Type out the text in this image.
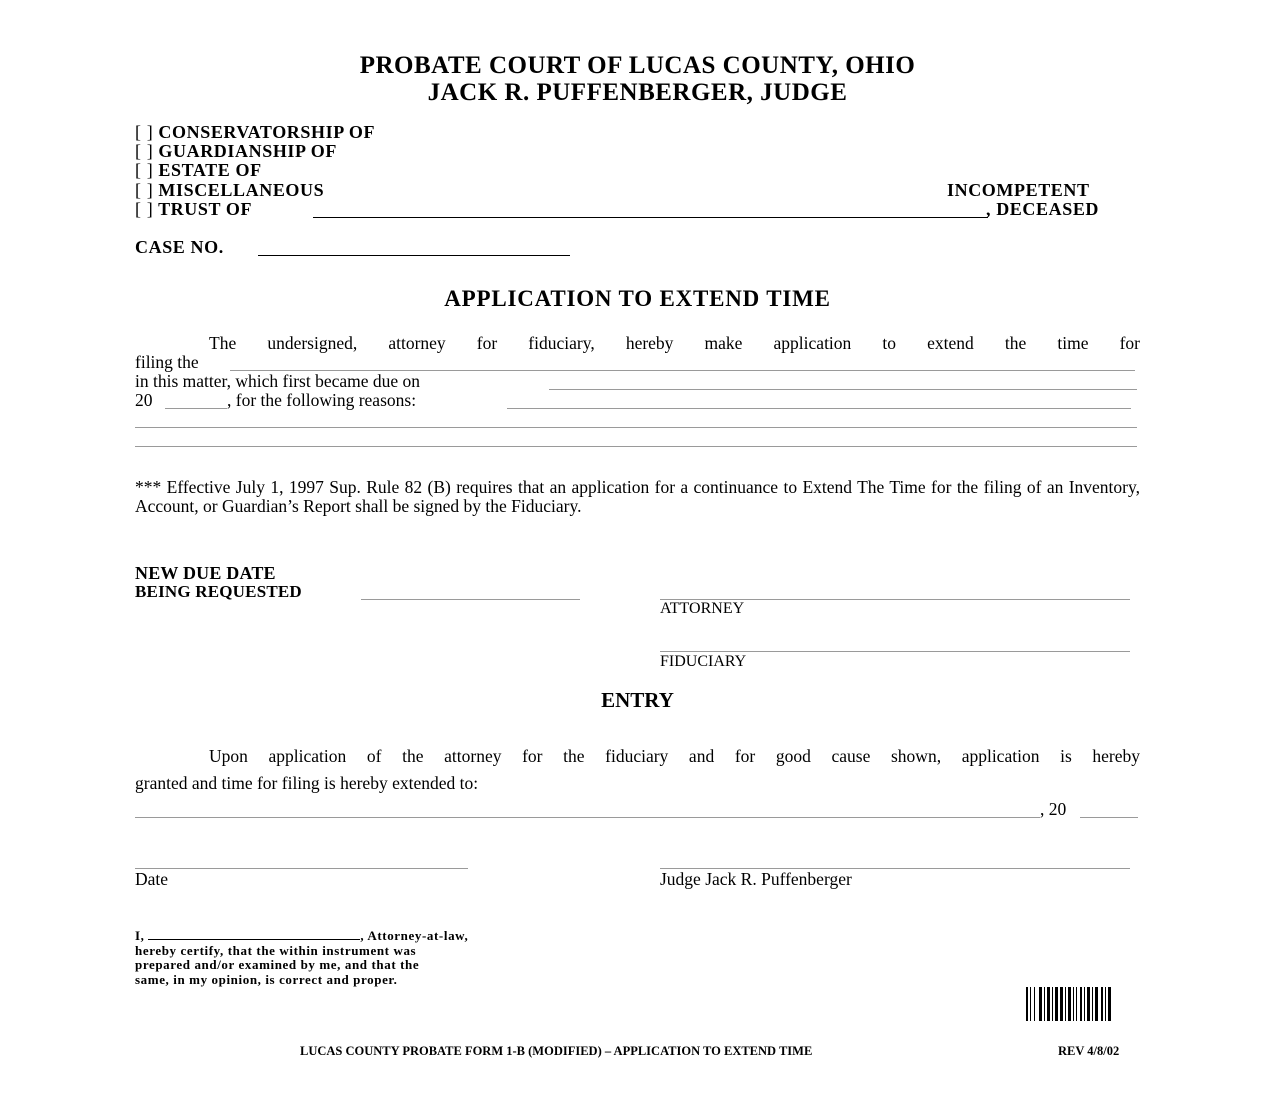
PROBATE COURT OF LUCAS COUNTY, OHIO
JACK R. PUFFENBERGER, JUDGE
[ ] CONSERVATORSHIP OF
[ ] GUARDIANSHIP OF
[ ] ESTATE OF
[ ] MISCELLANEOUS
[ ] TRUST OF
INCOMPETENT
, DECEASED
CASE NO.
APPLICATION TO EXTEND TIME
The undersigned, attorney for fiduciary, hereby make application to extend the time for
filing the
in this matter, which first became due on
20	, for the following reasons:
*** Effective July 1, 1997 Sup. Rule 82 (B) requires that an application for a continuance to Extend The Time for the filing of an Inventory, Account, or Guardian’s Report shall be signed by the Fiduciary.
NEW DUE DATE
BEING REQUESTED
ATTORNEY
FIDUCIARY
ENTRY
Upon application of the attorney for the fiduciary and for good cause shown, application is hereby
granted and time for filing is hereby extended to:
, 20
Date	Judge Jack R. Puffenberger
I,	, Attorney-at-law,
hereby certify, that the within instrument was
prepared and/or examined by me, and that the
same, in my opinion, is correct and proper.
LUCAS COUNTY PROBATE FORM 1-B (MODIFIED) – APPLICATION TO EXTEND TIME	REV 4/8/02
